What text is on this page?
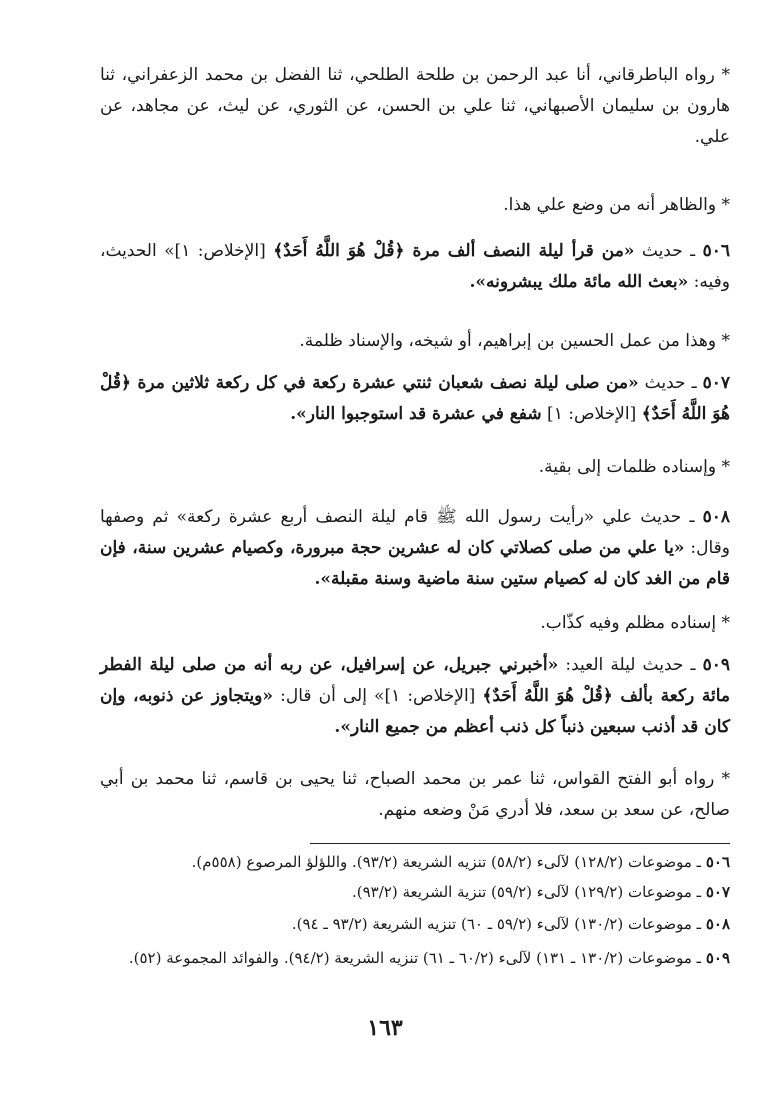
* رواه الباطرقاني، أنا عبد الرحمن بن طلحة الطلحي، ثنا الفضل بن محمد الزعفراني، ثنا هارون بن سليمان الأصبهاني، ثنا علي بن الحسن، عن الثوري، عن ليث، عن مجاهد، عن علي.

* والظاهر أنه من وضع علي هذا.

٥٠٦ ـ حديث «من قرأ ليلة النصف ألف مرة ﴿قُلْ هُوَ اللَّهُ أَحَدٌ﴾ [الإخلاص: ١]» الحديث، وفيه: «بعث الله مائة ملك يبشرونه».

* وهذا من عمل الحسين بن إبراهيم، أو شيخه، والإسناد ظلمة.

٥٠٧ ـ حديث «من صلى ليلة نصف شعبان ثنتي عشرة ركعة في كل ركعة ثلاثين مرة ﴿قُلْ هُوَ اللَّهُ أَحَدٌ﴾ [الإخلاص: ١] شفع في عشرة قد استوجبوا النار».

* وإسناده ظلمات إلى بقية.

٥٠٨ ـ حديث علي «رأيت رسول الله ﷺ قام ليلة النصف أربع عشرة ركعة» ثم وصفها وقال: «يا علي من صلى كصلاتي كان له عشرين حجة مبرورة، وكصيام عشرين سنة، فإن قام من الغد كان له كصيام ستين سنة ماضية وسنة مقبلة».

* إسناده مظلم وفيه كذّاب.

٥٠٩ ـ حديث ليلة العيد: «أخبرني جبريل، عن إسرافيل، عن ربه أنه من صلى ليلة الفطر مائة ركعة بألف ﴿قُلْ هُوَ اللَّهُ أَحَدٌ﴾ [الإخلاص: ١]» إلى أن قال: «ويتجاوز عن ذنوبه، وإن كان قد أذنب سبعين ذنباً كل ذنب أعظم من جميع النار».

* رواه أبو الفتح القواس، ثنا عمر بن محمد الصباح، ثنا يحيى بن قاسم، ثنا محمد بن أبي صالح، عن سعد بن سعد، فلا أدري مَنْ وضعه منهم.

٥٠٦ ـ موضوعات (١٢٨/٢) لآلىء (٥٨/٢) تنزيه الشريعة (٩٣/٢). واللؤلؤ المرصوع (٥٥٨م).

٥٠٧ ـ موضوعات (١٢٩/٢) لآلىء (٥٩/٢) تنزية الشريعة (٩٣/٢).

٥٠٨ ـ موضوعات (١٣٠/٢) لآلىء (٥٩/٢ ـ ٦٠) تنزيه الشريعة (٩٣/٢ ـ ٩٤).

٥٠٩ ـ موضوعات (١٣٠/٢ ـ ١٣١) لآلىء (٦٠/٢ ـ ٦١) تنزيه الشريعة (٩٤/٢). والفوائد المجموعة (٥٢).

١٦٣
